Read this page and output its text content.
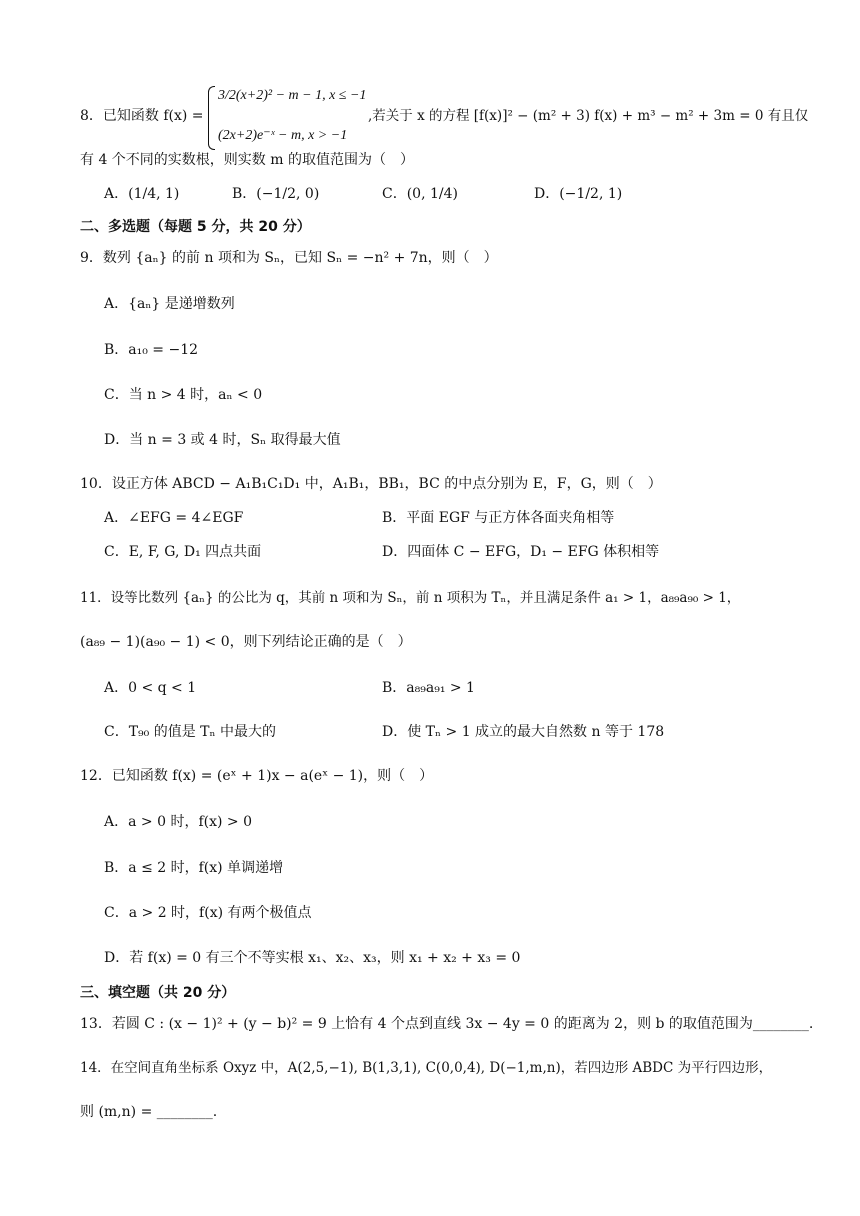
8．已知函数 f(x) =
3/2(x+2)² − m − 1, x ≤ −1
(2x+2)e⁻ˣ − m, x > −1
,若关于 x 的方程 [f(x)]² − (m² + 3) f(x) + m³ − m² + 3m = 0 有且仅
有 4 个不同的实数根，则实数 m 的取值范围为（　）
A．(1/4, 1)	B．(−1/2, 0)	C．(0, 1/4)	D．(−1/2, 1)
二、多选题（每题 5 分，共 20 分）
9．数列 {aₙ} 的前 n 项和为 Sₙ，已知 Sₙ = −n² + 7n，则（　）
A．{aₙ} 是递增数列
B．a₁₀ = −12
C．当 n > 4 时，aₙ < 0
D．当 n = 3 或 4 时，Sₙ 取得最大值
10．设正方体 ABCD − A₁B₁C₁D₁ 中，A₁B₁，BB₁，BC 的中点分别为 E，F，G，则（　）
A．∠EFG = 4∠EGF	B．平面 EGF 与正方体各面夹角相等
C．E, F, G, D₁ 四点共面	D．四面体 C − EFG，D₁ − EFG 体积相等
11．设等比数列 {aₙ} 的公比为 q，其前 n 项和为 Sₙ，前 n 项积为 Tₙ，并且满足条件 a₁ > 1，a₈₉a₉₀ > 1，
(a₈₉ − 1)(a₉₀ − 1) < 0，则下列结论正确的是（　）
A．0 < q < 1	B．a₈₉a₉₁ > 1
C．T₉₀ 的值是 Tₙ 中最大的	D．使 Tₙ > 1 成立的最大自然数 n 等于 178
12．已知函数 f(x) = (eˣ + 1)x − a(eˣ − 1)，则（　）
A．a > 0 时，f(x) > 0
B．a ≤ 2 时，f(x) 单调递增
C．a > 2 时，f(x) 有两个极值点
D．若 f(x) = 0 有三个不等实根 x₁、x₂、x₃，则 x₁ + x₂ + x₃ = 0
三、填空题（共 20 分）
13．若圆 C : (x − 1)² + (y − b)² = 9 上恰有 4 个点到直线 3x − 4y = 0 的距离为 2，则 b 的取值范围为________.
14．在空间直角坐标系 Oxyz 中，A(2,5,−1), B(1,3,1), C(0,0,4), D(−1,m,n)，若四边形 ABDC 为平行四边形，
则 (m,n) = ________.
